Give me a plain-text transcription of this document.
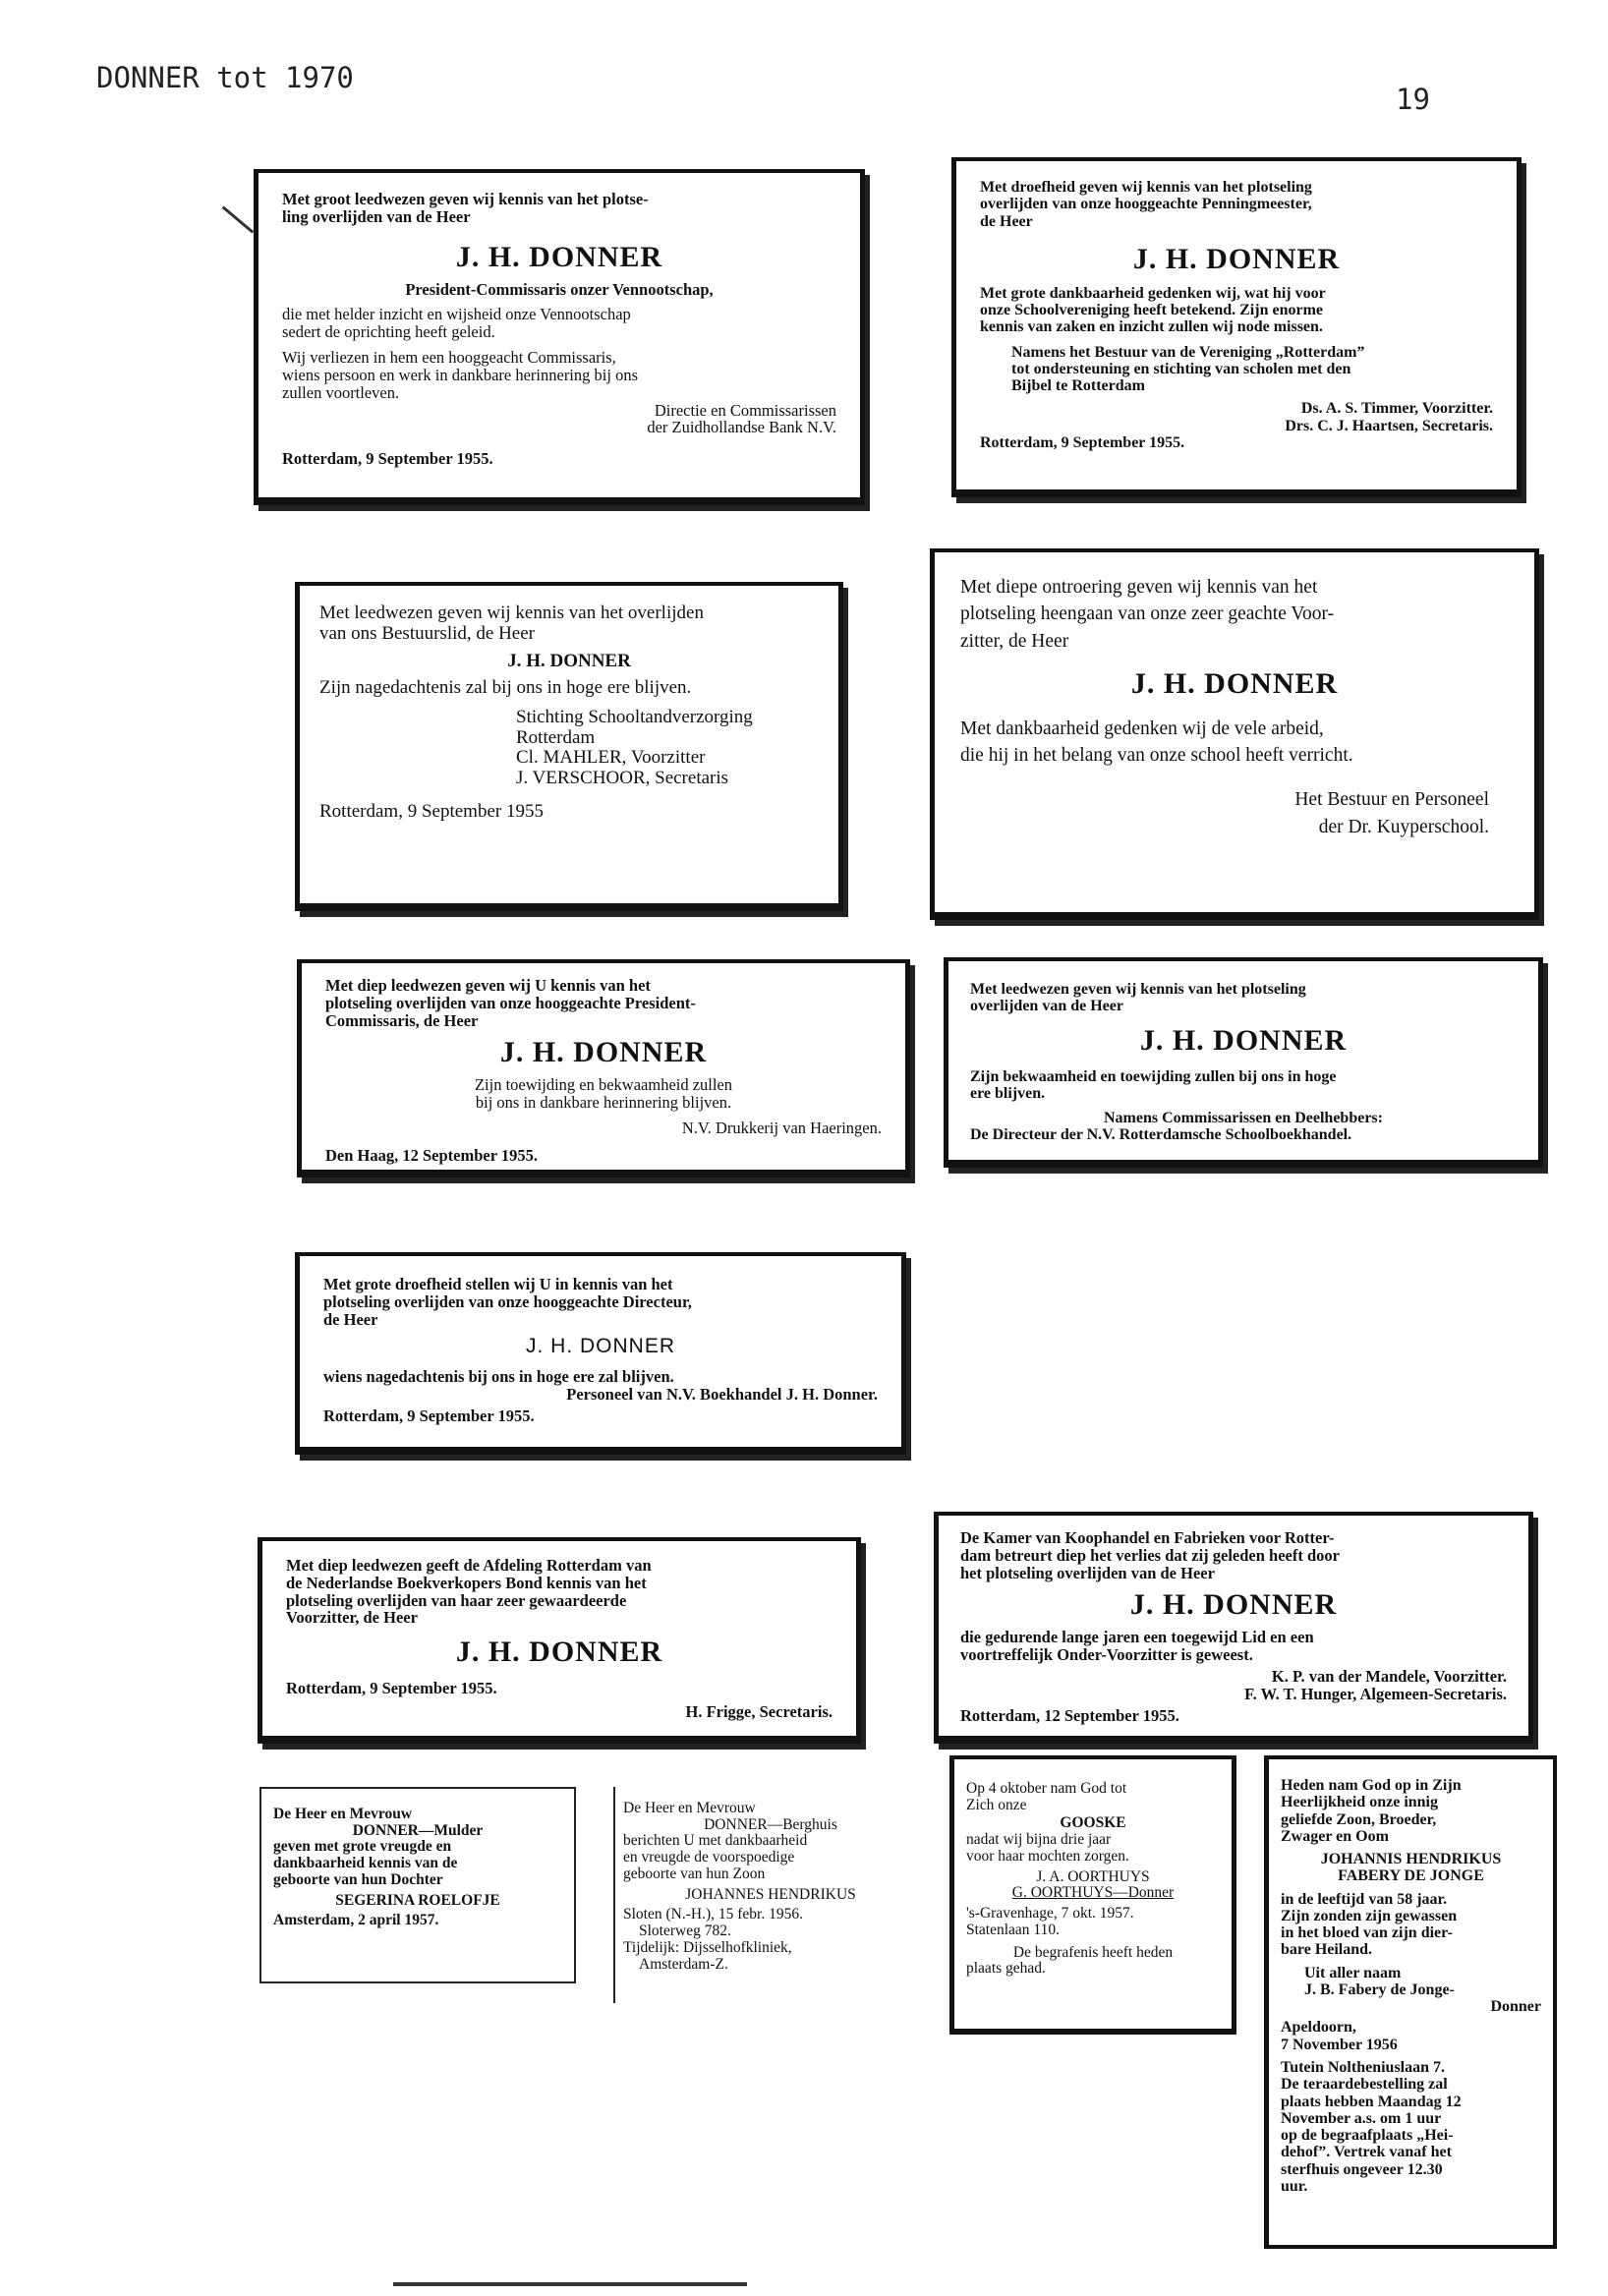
DONNER tot 1970
19
Met groot leedwezen geven wij kennis van het plotse-
ling overlijden van de Heer
J. H. DONNER
President-Commissaris onzer Vennootschap,
die met helder inzicht en wijsheid onze Vennootschap
sedert de oprichting heeft geleid.
Wij verliezen in hem een hooggeacht Commissaris,
wiens persoon en werk in dankbare herinnering bij ons
zullen voortleven.
Directie en Commissarissen
der Zuidhollandse Bank N.V.
Rotterdam, 9 September 1955.
Met droefheid geven wij kennis van het plotseling
overlijden van onze hooggeachte Penningmeester,
de Heer
J. H. DONNER
Met grote dankbaarheid gedenken wij, wat hij voor
onze Schoolvereniging heeft betekend. Zijn enorme
kennis van zaken en inzicht zullen wij node missen.
Namens het Bestuur van de Vereniging „Rotterdam”
tot ondersteuning en stichting van scholen met den
Bijbel te Rotterdam
Ds. A. S. Timmer, Voorzitter.
Drs. C. J. Haartsen, Secretaris.
Rotterdam, 9 September 1955.
Met leedwezen geven wij kennis van het overlijden
van ons Bestuurslid, de Heer
J. H. DONNER
Zijn nagedachtenis zal bij ons in hoge ere blijven.
Stichting Schooltandverzorging
Rotterdam
Cl. MAHLER, Voorzitter
J. VERSCHOOR, Secretaris
Rotterdam, 9 September 1955
Met diepe ontroering geven wij kennis van het
plotseling heengaan van onze zeer geachte Voor-
zitter, de Heer
J. H. DONNER
Met dankbaarheid gedenken wij de vele arbeid,
die hij in het belang van onze school heeft verricht.
Het Bestuur en Personeel
der Dr. Kuyperschool.
Met diep leedwezen geven wij U kennis van het
plotseling overlijden van onze hooggeachte President-
Commissaris, de Heer
J. H. DONNER
Zijn toewijding en bekwaamheid zullen
bij ons in dankbare herinnering blijven.
N.V. Drukkerij van Haeringen.
Den Haag, 12 September 1955.
Met leedwezen geven wij kennis van het plotseling
overlijden van de Heer
J. H. DONNER
Zijn bekwaamheid en toewijding zullen bij ons in hoge
ere blijven.
Namens Commissarissen en Deelhebbers:
De Directeur der N.V. Rotterdamsche Schoolboekhandel.
Met grote droefheid stellen wij U in kennis van het
plotseling overlijden van onze hooggeachte Directeur,
de Heer
J. H. DONNER
wiens nagedachtenis bij ons in hoge ere zal blijven.
Personeel van N.V. Boekhandel J. H. Donner.
Rotterdam, 9 September 1955.
Met diep leedwezen geeft de Afdeling Rotterdam van
de Nederlandse Boekverkopers Bond kennis van het
plotseling overlijden van haar zeer gewaardeerde
Voorzitter, de Heer
J. H. DONNER
Rotterdam, 9 September 1955.
H. Frigge, Secretaris.
De Kamer van Koophandel en Fabrieken voor Rotter-
dam betreurt diep het verlies dat zij geleden heeft door
het plotseling overlijden van de Heer
J. H. DONNER
die gedurende lange jaren een toegewijd Lid en een
voortreffelijk Onder-Voorzitter is geweest.
K. P. van der Mandele, Voorzitter.
F. W. T. Hunger, Algemeen-Secretaris.
Rotterdam, 12 September 1955.
De Heer en Mevrouw
DONNER—Mulder
geven met grote vreugde en
dankbaarheid kennis van de
geboorte van hun Dochter
SEGERINA ROELOFJE
Amsterdam, 2 april 1957.
De Heer en Mevrouw
DONNER—Berghuis
berichten U met dankbaarheid
en vreugde de voorspoedige
geboorte van hun Zoon
JOHANNES HENDRIKUS
Sloten (N.-H.), 15 febr. 1956.
Sloterweg 782.
Tijdelijk: Dijsselhofkliniek,
Amsterdam-Z.
Op 4 oktober nam God tot
Zich onze
GOOSKE
nadat wij bijna drie jaar
voor haar mochten zorgen.
J. A. OORTHUYS
G. OORTHUYS—Donner
's-Gravenhage, 7 okt. 1957.
Statenlaan 110.
De begrafenis heeft heden
plaats gehad.
Heden nam God op in Zijn
Heerlijkheid onze innig
geliefde Zoon, Broeder,
Zwager en Oom
JOHANNIS HENDRIKUS
FABERY DE JONGE
in de leeftijd van 58 jaar.
Zijn zonden zijn gewassen
in het bloed van zijn dier-
bare Heiland.
Uit aller naam
J. B. Fabery de Jonge-
Donner
Apeldoorn,
7 November 1956
Tutein Noltheniuslaan 7.
De teraardebestelling zal
plaats hebben Maandag 12
November a.s. om 1 uur
op de begraafplaats „Hei-
dehof”. Vertrek vanaf het
sterfhuis ongeveer 12.30
uur.
